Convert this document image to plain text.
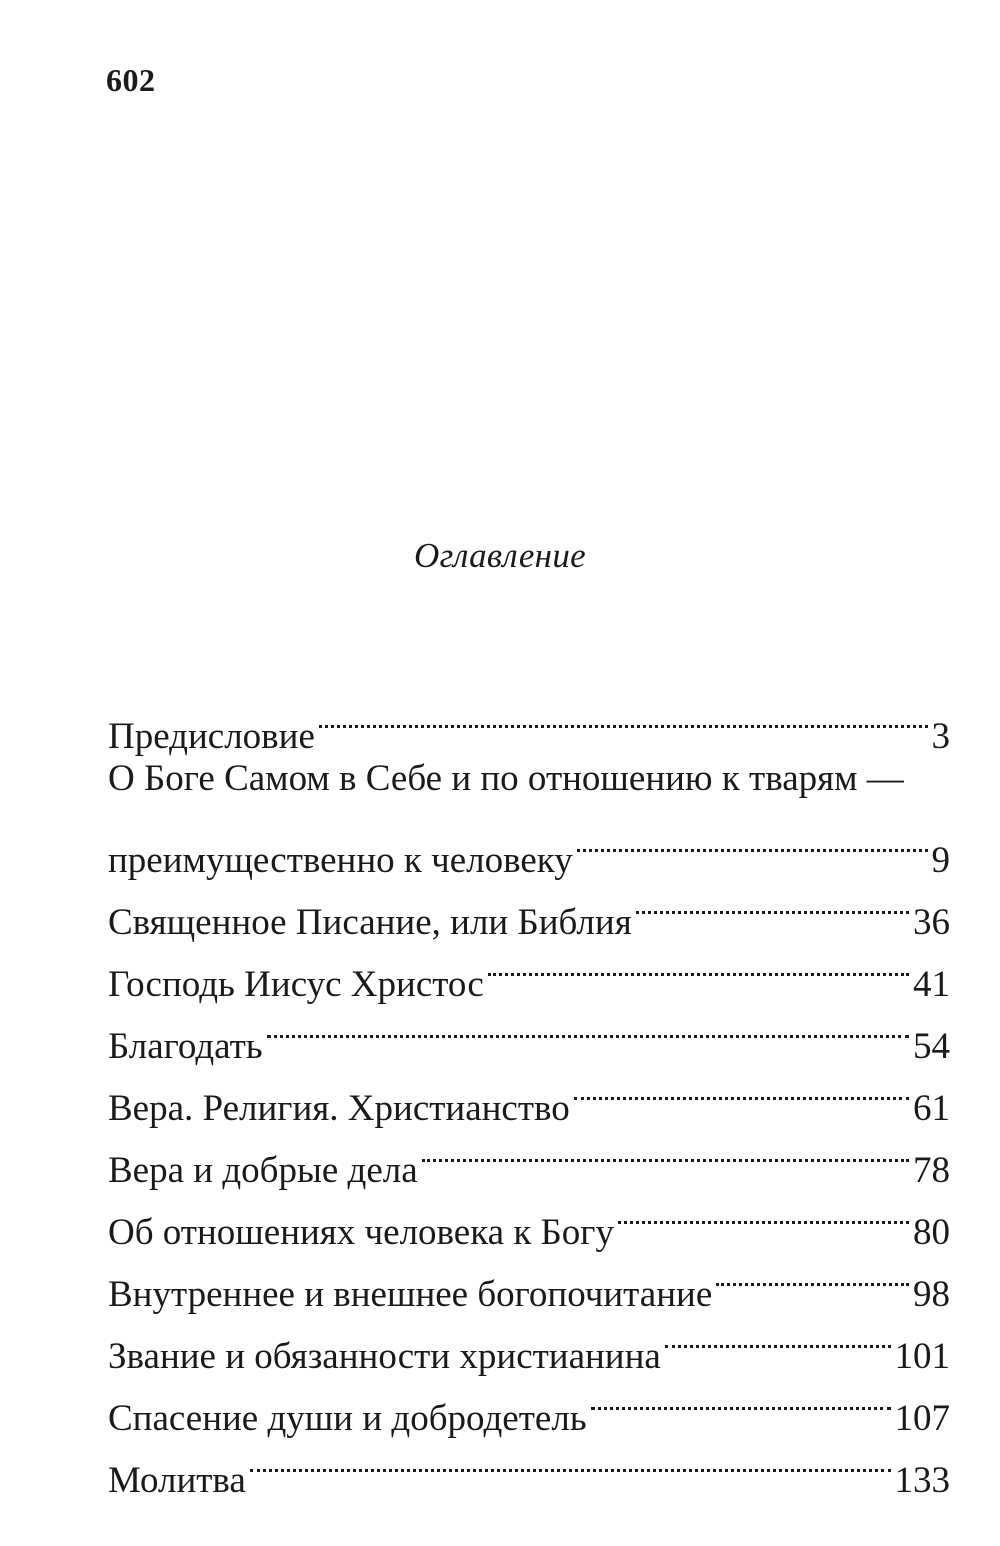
602
Оглавление
Предисловие	3
О Боге Самом в Себе и по отношению к тварям —
преимущественно к человеку	9
Священное Писание, или Библия	36
Господь Иисус Христос	41
Благодать	54
Вера. Религия. Христианство	61
Вера и добрые дела	78
Об отношениях человека к Богу	80
Внутреннее и внешнее богопочитание	98
Звание и обязанности христианина	101
Спасение души и добродетель	107
Молитва	133
